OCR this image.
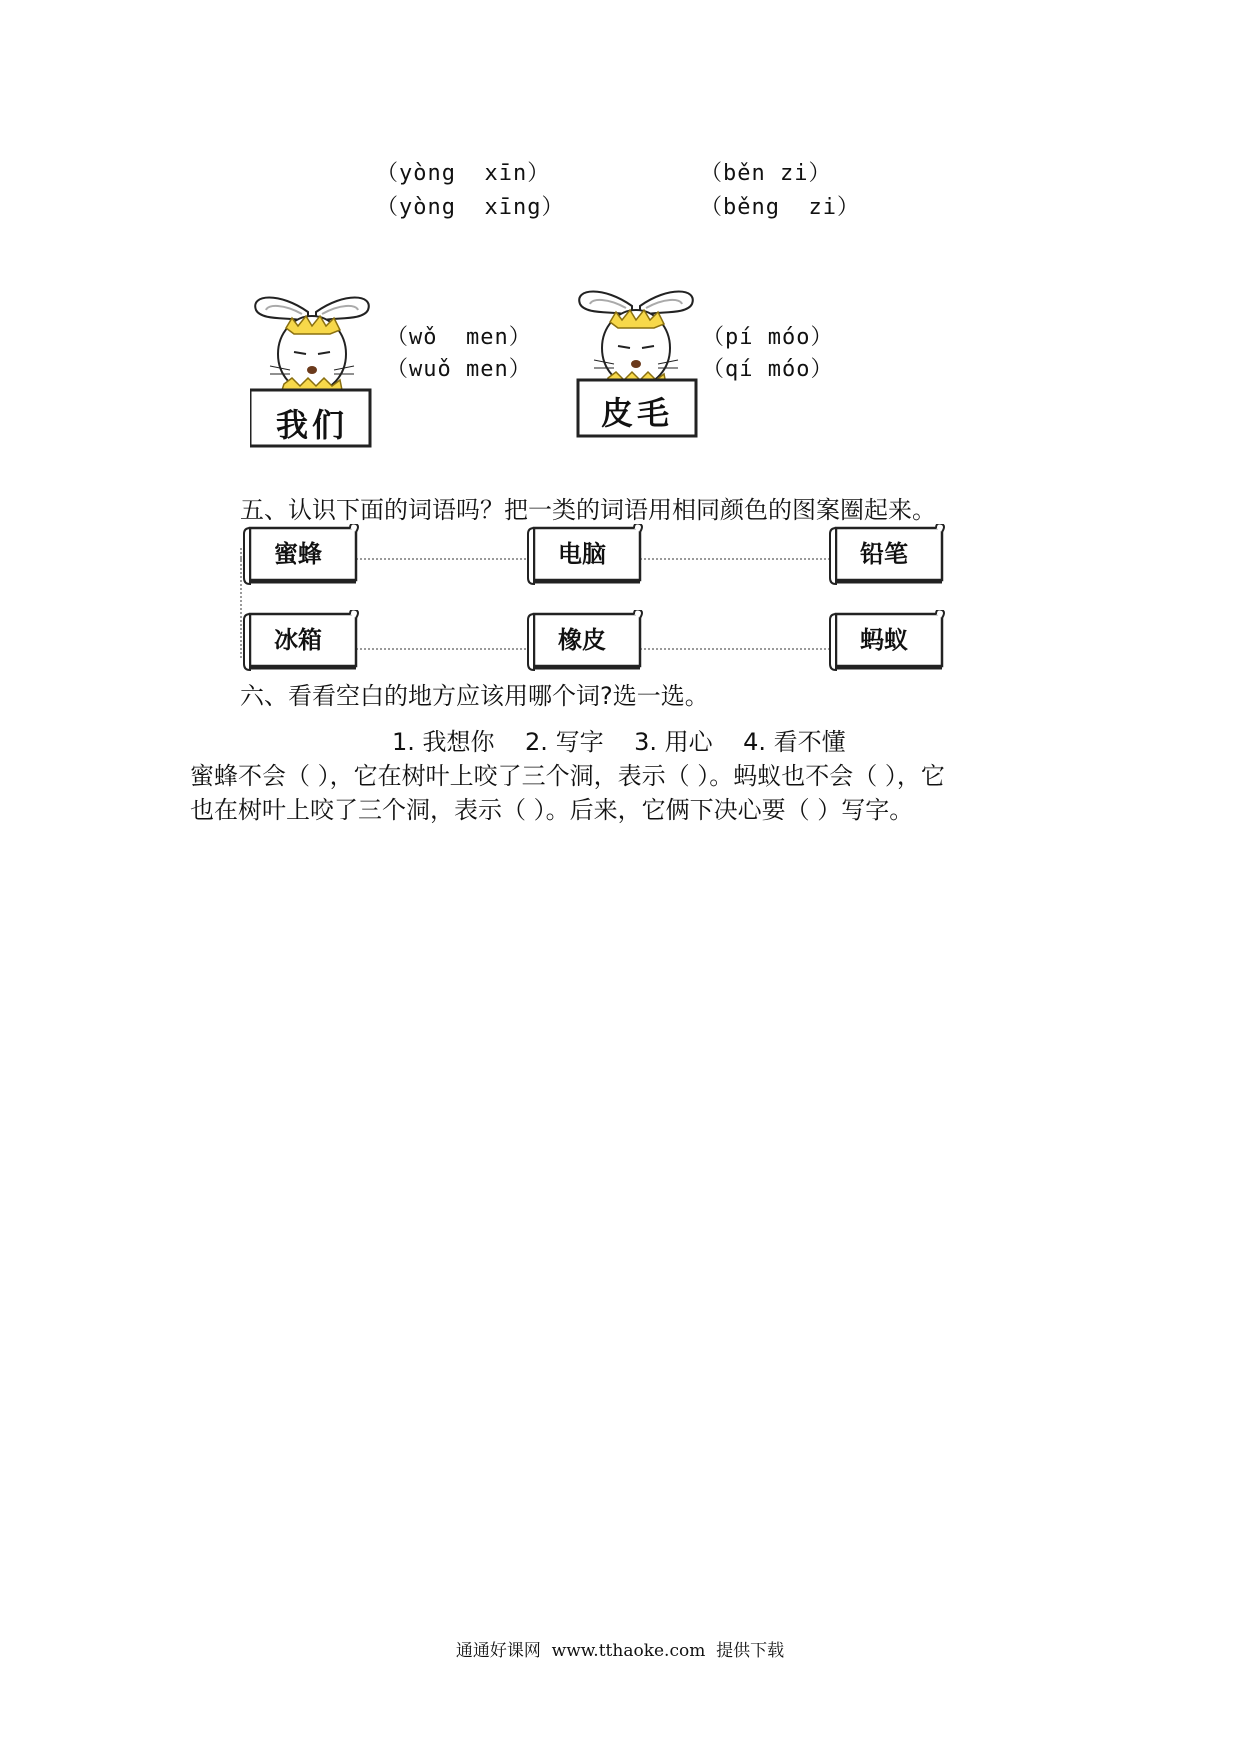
（yòng  xīn）
（yòng  xīng）
（běn zi）
（běng  zi）
我们
（wǒ  men）
（wuǒ men）
皮毛
（pí móo）
（qí móo）
五、认识下面的词语吗？把一类的词语用相同颜色的图案圈起来。
蜜蜂	电脑	铅笔
冰箱	橡皮	蚂蚁
六、看看空白的地方应该用哪个词?选一选。
1. 我想你    2. 写字    3. 用心    4. 看不懂
蜜蜂不会（ ），它在树叶上咬了三个洞，表示（ ）。蚂蚁也不会（ ），它
也在树叶上咬了三个洞，表示（ ）。后来，它俩下决心要（ ）写字。
通通好课网  www.tthaoke.com  提供下载
